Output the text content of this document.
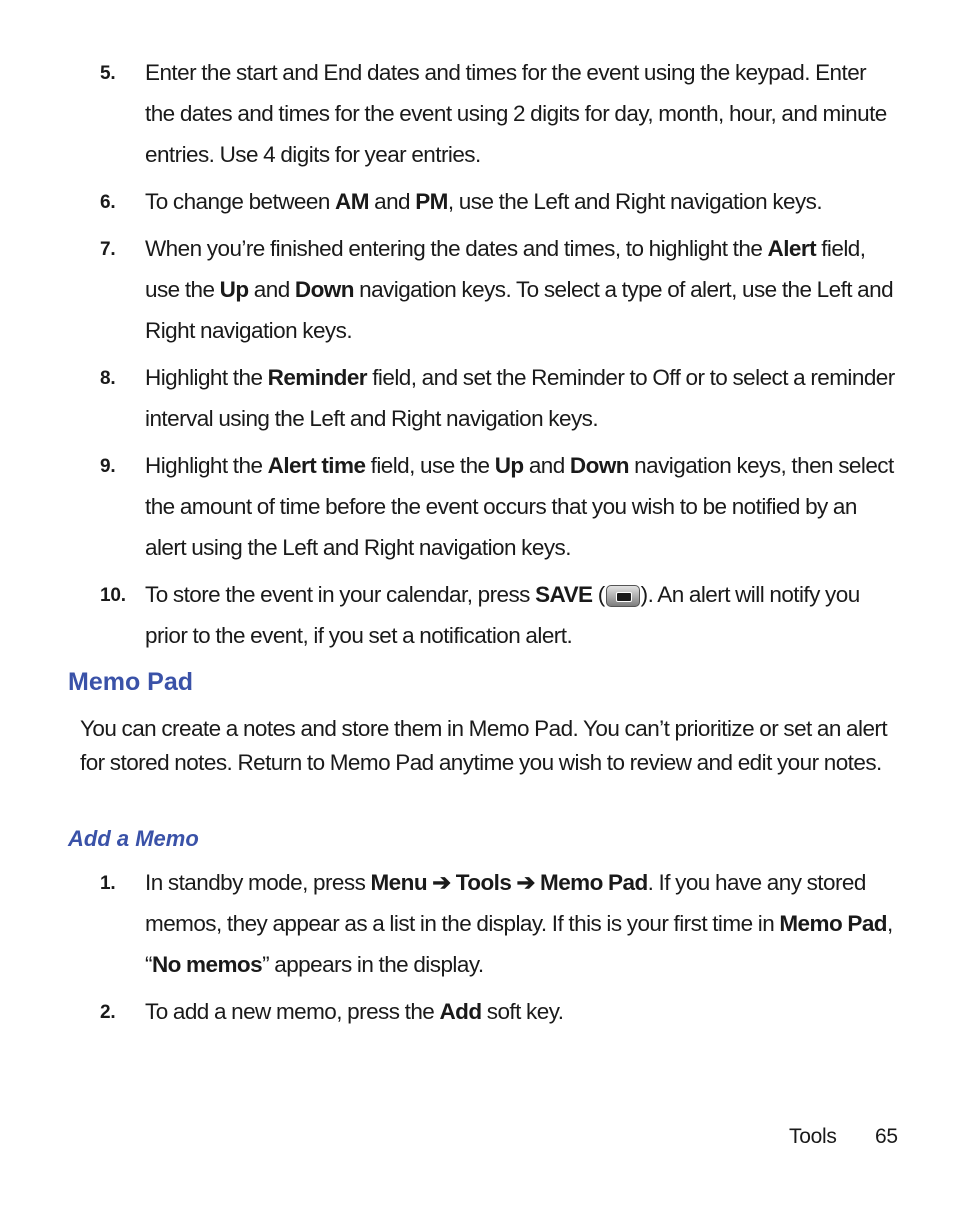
5. Enter the start and End dates and times for the event using the keypad. Enter the dates and times for the event using 2 digits for day, month, hour, and minute entries. Use 4 digits for year entries.
6. To change between AM and PM, use the Left and Right navigation keys.
7. When you’re finished entering the dates and times, to highlight the Alert field, use the Up and Down navigation keys. To select a type of alert, use the Left and Right navigation keys.
8. Highlight the Reminder field, and set the Reminder to Off or to select a reminder interval using the Left and Right navigation keys.
9. Highlight the Alert time field, use the Up and Down navigation keys, then select the amount of time before the event occurs that you wish to be notified by an alert using the Left and Right navigation keys.
10. To store the event in your calendar, press SAVE ( ). An alert will notify you prior to the event, if you set a notification alert.
Memo Pad
You can create a notes and store them in Memo Pad. You can’t prioritize or set an alert for stored notes. Return to Memo Pad anytime you wish to review and edit your notes.
Add a Memo
1. In standby mode, press Menu ➔ Tools ➔ Memo Pad. If you have any stored memos, they appear as a list in the display. If this is your first time in Memo Pad, “No memos” appears in the display.
2. To add a new memo, press the Add soft key.
Tools 65
